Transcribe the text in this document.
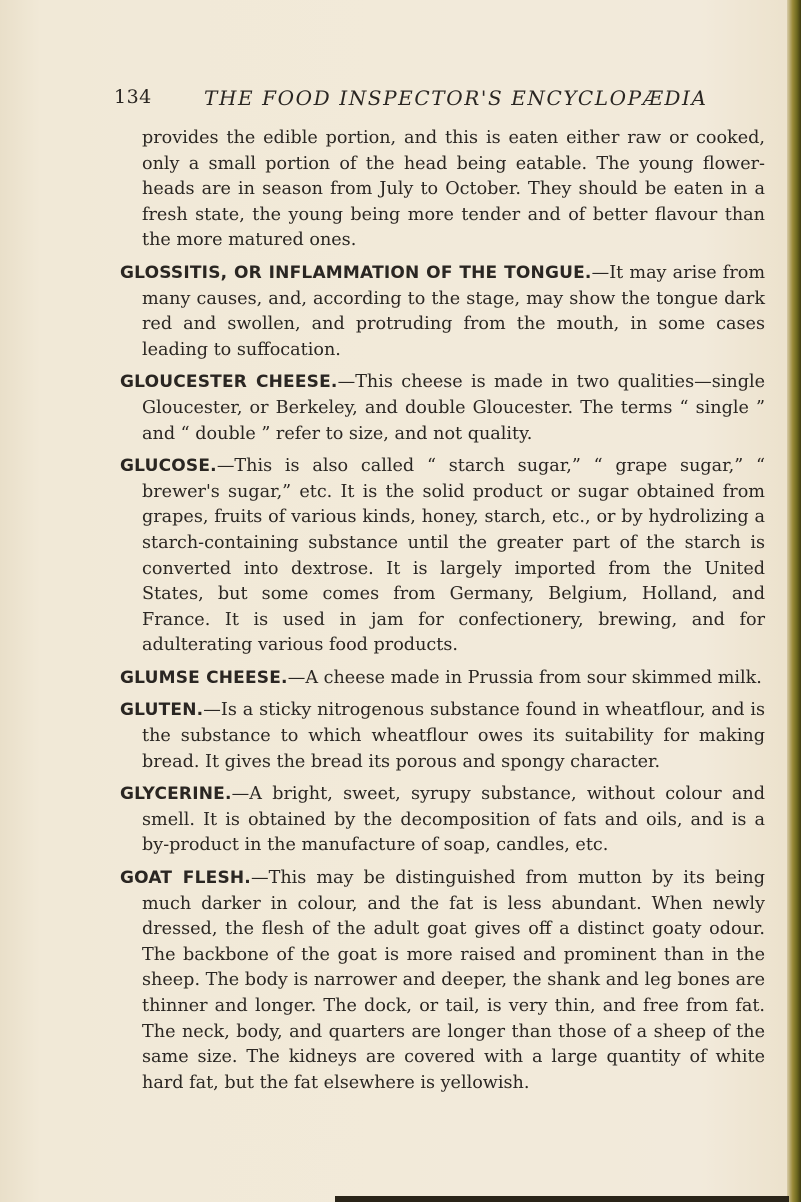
134	THE FOOD INSPECTOR'S ENCYCLOPÆDIA

provides the edible portion, and this is eaten either raw or cooked, only a small portion of the head being eatable. The young flower-heads are in season from July to October. They should be eaten in a fresh state, the young being more tender and of better flavour than the more matured ones.

GLOSSITIS, OR INFLAMMATION OF THE TONGUE.—It may arise from many causes, and, according to the stage, may show the tongue dark red and swollen, and protruding from the mouth, in some cases leading to suffocation.

GLOUCESTER CHEESE.—This cheese is made in two qualities—single Gloucester, or Berkeley, and double Gloucester. The terms “ single ” and “ double ” refer to size, and not quality.

GLUCOSE.—This is also called “ starch sugar,” “ grape sugar,” “ brewer's sugar,” etc. It is the solid product or sugar obtained from grapes, fruits of various kinds, honey, starch, etc., or by hydrolizing a starch-containing substance until the greater part of the starch is converted into dextrose. It is largely imported from the United States, but some comes from Germany, Belgium, Holland, and France. It is used in jam for confectionery, brewing, and for adulterating various food products.

GLUMSE CHEESE.—A cheese made in Prussia from sour skimmed milk.

GLUTEN.—Is a sticky nitrogenous substance found in wheatflour, and is the substance to which wheatflour owes its suitability for making bread. It gives the bread its porous and spongy character.

GLYCERINE.—A bright, sweet, syrupy substance, without colour and smell. It is obtained by the decomposition of fats and oils, and is a by-product in the manufacture of soap, candles, etc.

GOAT FLESH.—This may be distinguished from mutton by its being much darker in colour, and the fat is less abundant. When newly dressed, the flesh of the adult goat gives off a distinct goaty odour. The backbone of the goat is more raised and prominent than in the sheep. The body is narrower and deeper, the shank and leg bones are thinner and longer. The dock, or tail, is very thin, and free from fat. The neck, body, and quarters are longer than those of a sheep of the same size. The kidneys are covered with a large quantity of white hard fat, but the fat elsewhere is yellowish.
